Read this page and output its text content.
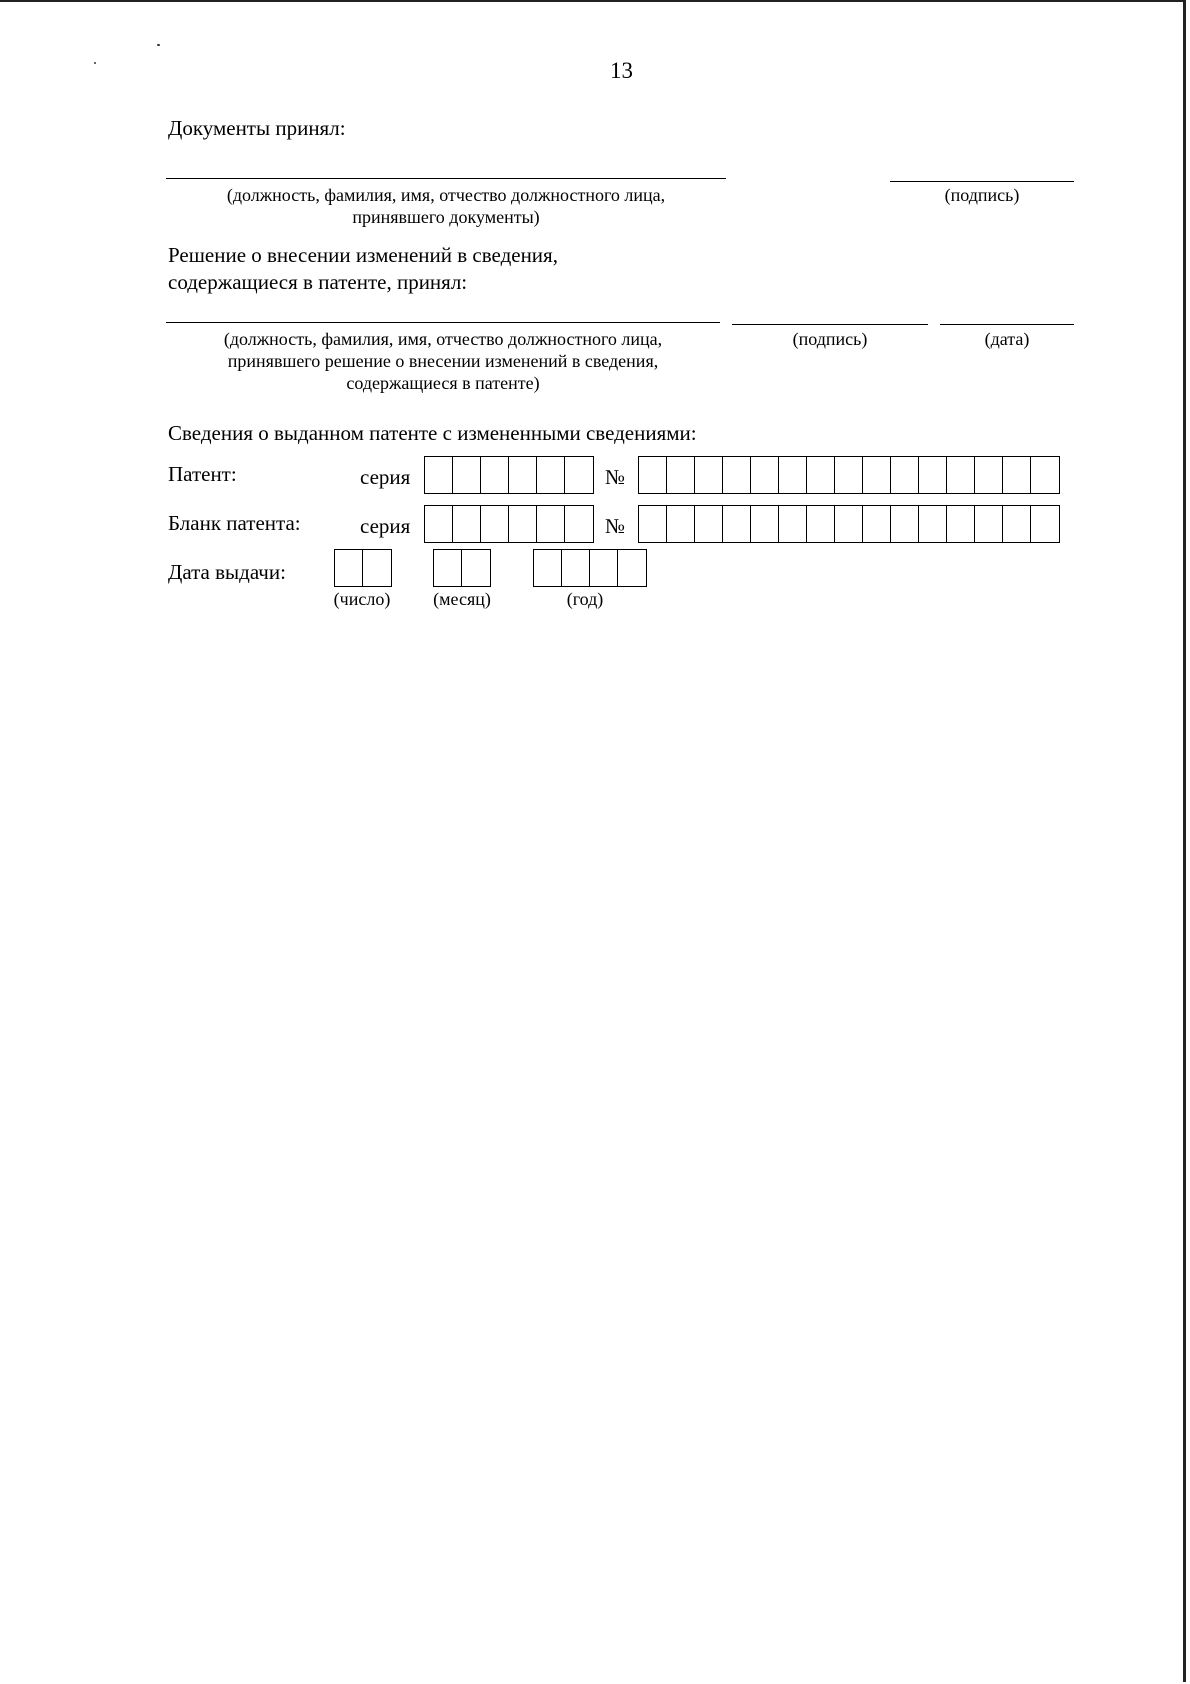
13
Документы принял:
(должность, фамилия, имя, отчество должностного лица,
принявшего документы)
(подпись)
Решение о внесении изменений в сведения,
содержащиеся в патенте, принял:
(должность, фамилия, имя, отчество должностного лица,
принявшего решение о внесении изменений в сведения,
содержащиеся в патенте)
(подпись)	(дата)
Сведения о выданном патенте с измененными сведениями:
Патент:	серия	№
Бланк патента:	серия	№
Дата выдачи:
(число)	(месяц)	(год)
